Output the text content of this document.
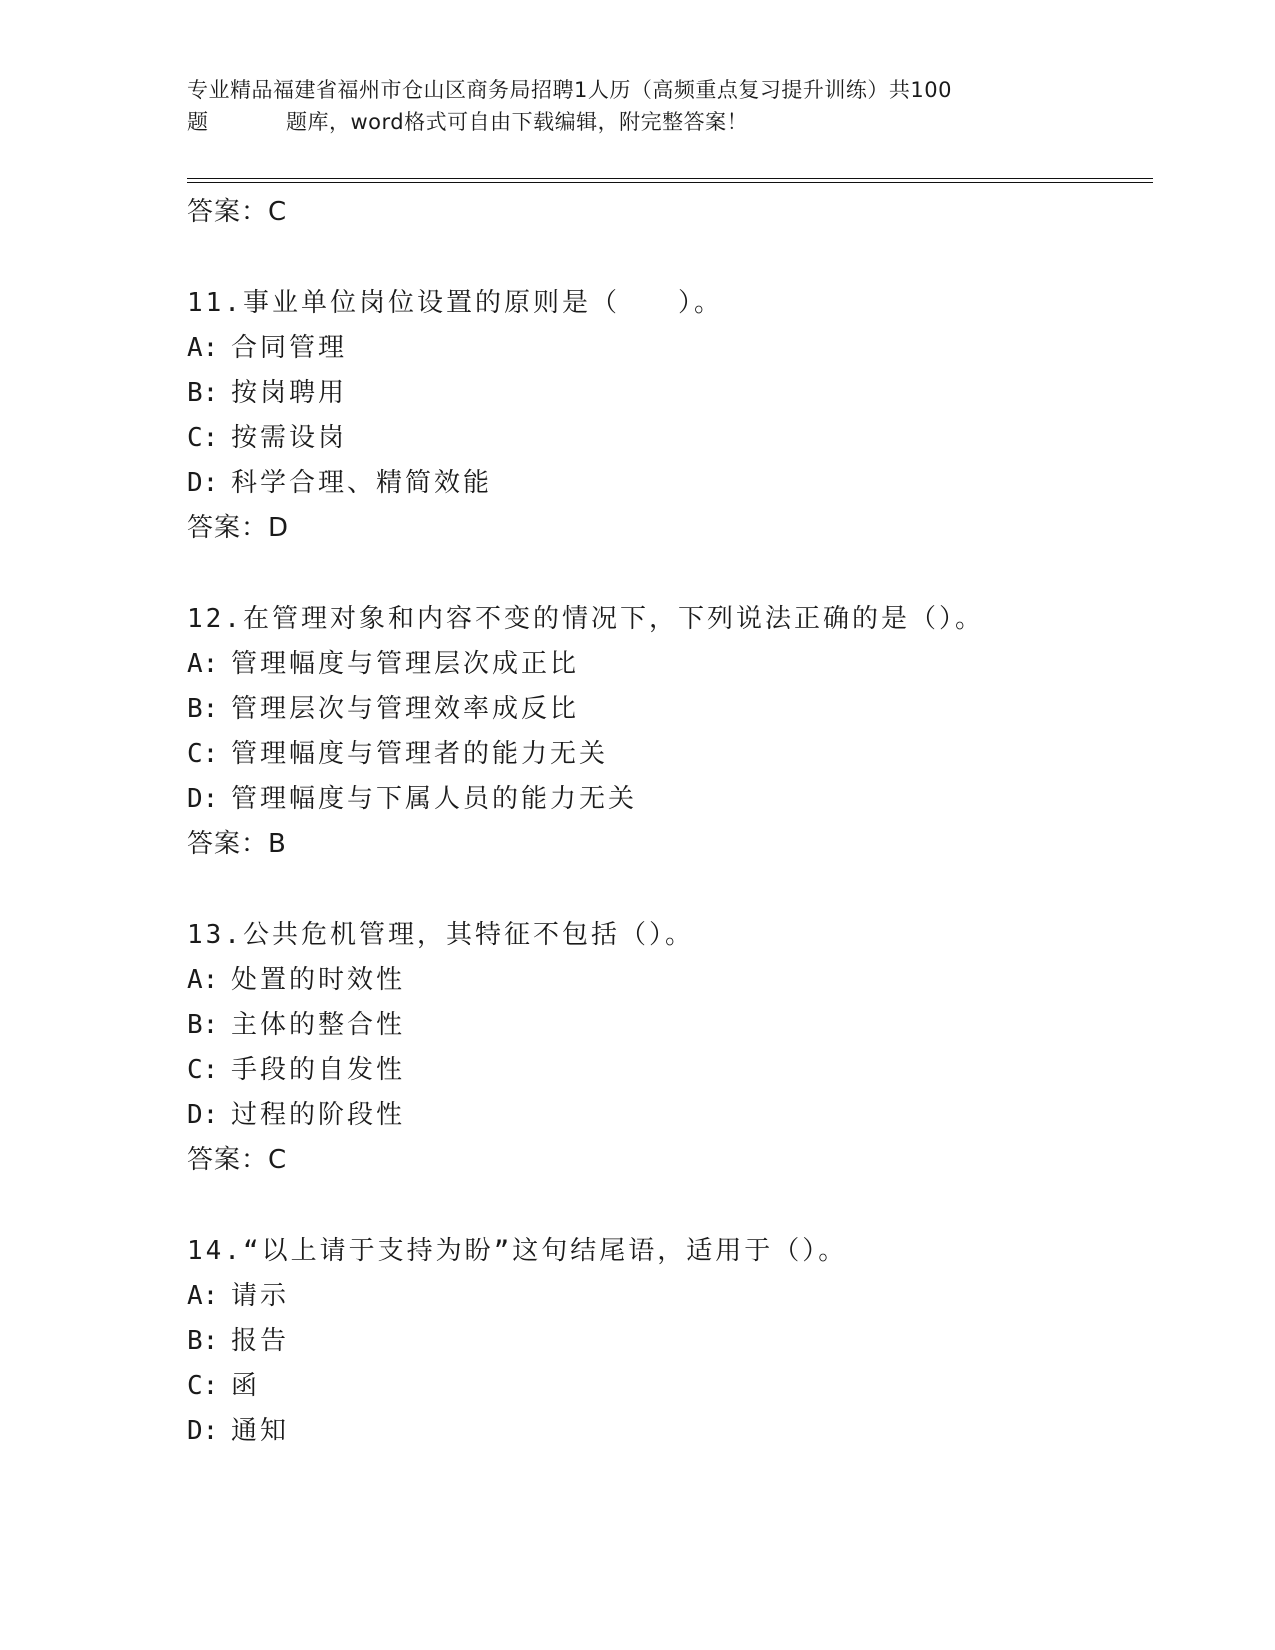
专业精品福建省福州市仓山区商务局招聘1人历（高频重点复习提升训练）共100
题	题库，word格式可自由下载编辑，附完整答案！
答案：C
11.事业单位岗位设置的原则是（　　）。
A: 合同管理
B: 按岗聘用
C: 按需设岗
D: 科学合理、精简效能
答案：D
12.在管理对象和内容不变的情况下，下列说法正确的是（）。
A: 管理幅度与管理层次成正比
B: 管理层次与管理效率成反比
C: 管理幅度与管理者的能力无关
D: 管理幅度与下属人员的能力无关
答案：B
13.公共危机管理，其特征不包括（）。
A: 处置的时效性
B: 主体的整合性
C: 手段的自发性
D: 过程的阶段性
答案：C
14.“以上请于支持为盼”这句结尾语，适用于（）。
A: 请示
B: 报告
C: 函
D: 通知
